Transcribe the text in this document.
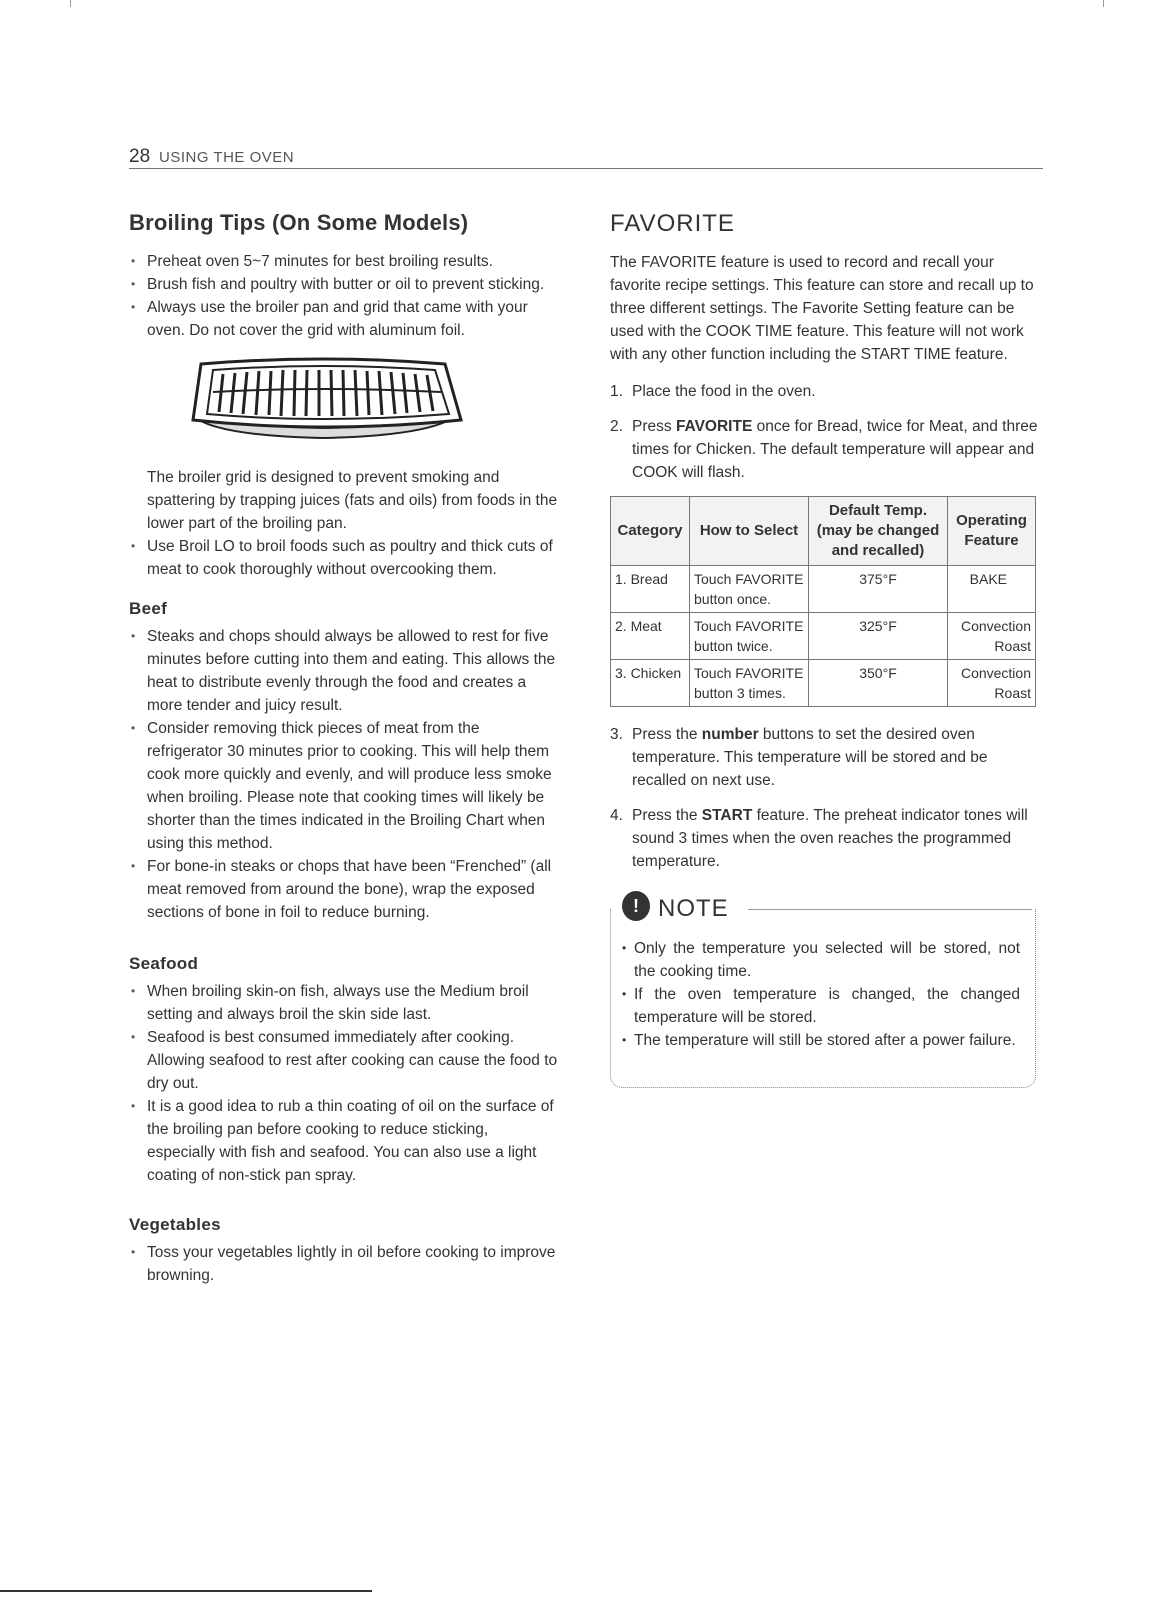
28 USING THE OVEN
Broiling Tips (On Some Models)
• Preheat oven 5~7 minutes for best broiling results.
• Brush fish and poultry with butter or oil to prevent sticking.
• Always use the broiler pan and grid that came with your oven. Do not cover the grid with aluminum foil.

The broiler grid is designed to prevent smoking and spattering by trapping juices (fats and oils) from foods in the lower part of the broiling pan.

• Use Broil LO to broil foods such as poultry and thick cuts of meat to cook thoroughly without overcooking them.
Beef
• Steaks and chops should always be allowed to rest for five minutes before cutting into them and eating. This allows the heat to distribute evenly through the food and creates a more tender and juicy result.
• Consider removing thick pieces of meat from the refrigerator 30 minutes prior to cooking. This will help them cook more quickly and evenly, and will produce less smoke when broiling. Please note that cooking times will likely be shorter than the times indicated in the Broiling Chart when using this method.
• For bone-in steaks or chops that have been “Frenched” (all meat removed from around the bone), wrap the exposed sections of bone in foil to reduce burning.
Seafood
• When broiling skin-on fish, always use the Medium broil setting and always broil the skin side last.
• Seafood is best consumed immediately after cooking. Allowing seafood to rest after cooking can cause the food to dry out.
• It is a good idea to rub a thin coating of oil on the surface of the broiling pan before cooking to reduce sticking, especially with fish and seafood. You can also use a light coating of non-stick pan spray.
Vegetables
• Toss your vegetables lightly in oil before cooking to improve browning.
FAVORITE

The FAVORITE feature is used to record and recall your favorite recipe settings. This feature can store and recall up to three different settings. The Favorite Setting feature can be used with the COOK TIME feature. This feature will not work with any other function including the START TIME feature.

1. Place the food in the oven.
2. Press FAVORITE once for Bread, twice for Meat, and three times for Chicken. The default temperature will appear and COOK will flash.
Category	How to Select	Default Temp. (may be changed and recalled)	Operating Feature
1. Bread	Touch FAVORITE button once.	375°F	BAKE
2. Meat	Touch FAVORITE button twice.	325°F	Convection Roast
3. Chicken	Touch FAVORITE button 3 times.	350°F	Convection Roast
3. Press the number buttons to set the desired oven temperature. This temperature will be stored and be recalled on next use.
4. Press the START feature. The preheat indicator tones will sound 3 times when the oven reaches the programmed temperature.
! NOTE
• Only the temperature you selected will be stored, not the cooking time.
• If the oven temperature is changed, the changed temperature will be stored.
• The temperature will still be stored after a power failure.
